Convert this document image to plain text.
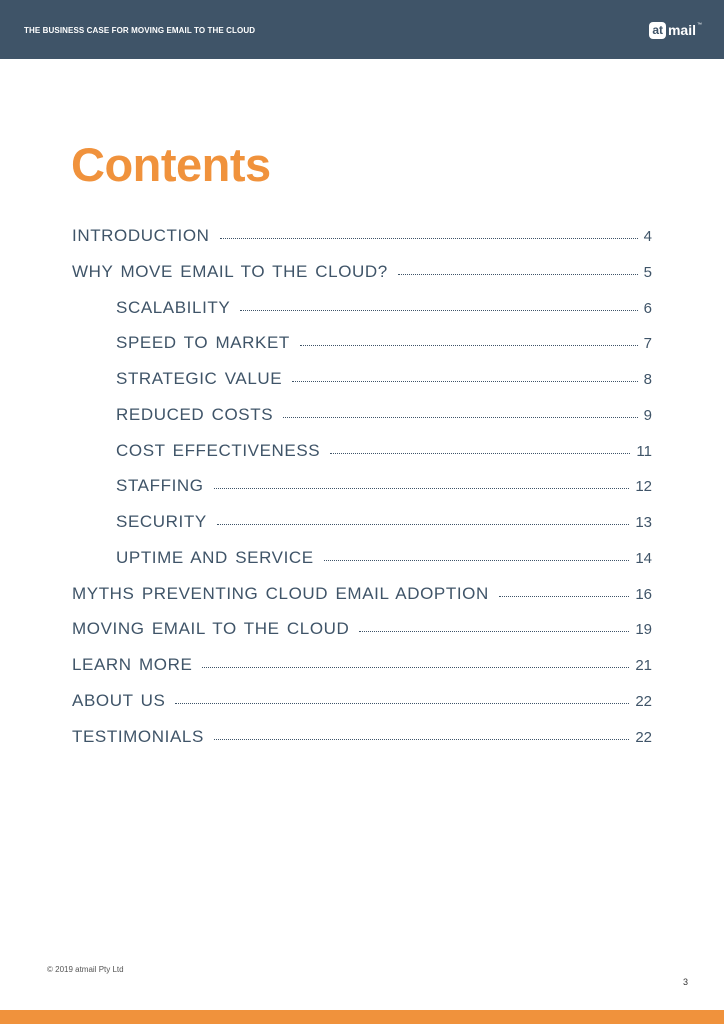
THE BUSINESS CASE FOR MOVING EMAIL TO THE CLOUD	at mail ™
Contents
INTRODUCTION	4
WHY MOVE EMAIL TO THE CLOUD?	5
SCALABILITY	6
SPEED TO MARKET	7
STRATEGIC VALUE	8
REDUCED COSTS	9
COST EFFECTIVENESS	11
STAFFING	12
SECURITY	13
UPTIME AND SERVICE	14
MYTHS PREVENTING CLOUD EMAIL ADOPTION	16
MOVING EMAIL TO THE CLOUD	19
LEARN MORE	21
ABOUT US	22
TESTIMONIALS	22
© 2019 atmail Pty Ltd
3
